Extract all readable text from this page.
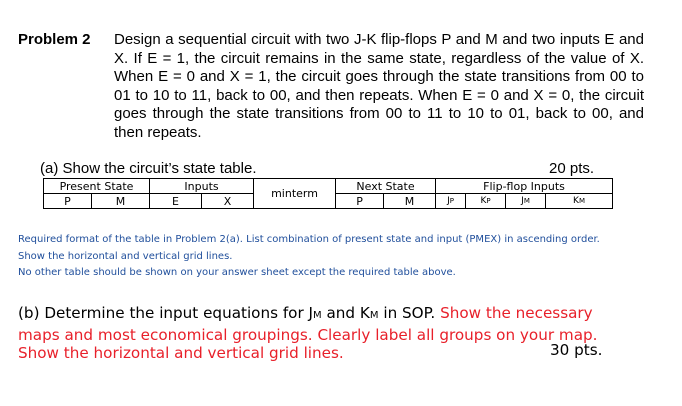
Problem 2 Design a sequential circuit with two J-K flip-flops P and M and two inputs E and X. If E = 1, the circuit remains in the same state, regardless of the value of X. When E = 0 and X = 1, the circuit goes through the state transitions from 00 to 01 to 10 to 11, back to 00, and then repeats. When E = 0 and X = 0, the circuit goes through the state transitions from 00 to 11 to 10 to 01, back to 00, and then repeats.
(a) Show the circuit’s state table.	20 pts.
Present State		Inputs		minterm	Next State		Flip-flop Inputs			
P	M	E	X		P	M	JP	KP	JM	KM
Required format of the table in Problem 2(a). List combination of present state and input (PMEX) in ascending order.
Show the horizontal and vertical grid lines.
No other table should be shown on your answer sheet except the required table above.
(b) Determine the input equations for JM and KM in SOP. Show the necessary maps and most economical groupings. Clearly label all groups on your map. Show the horizontal and vertical grid lines.	30 pts.
